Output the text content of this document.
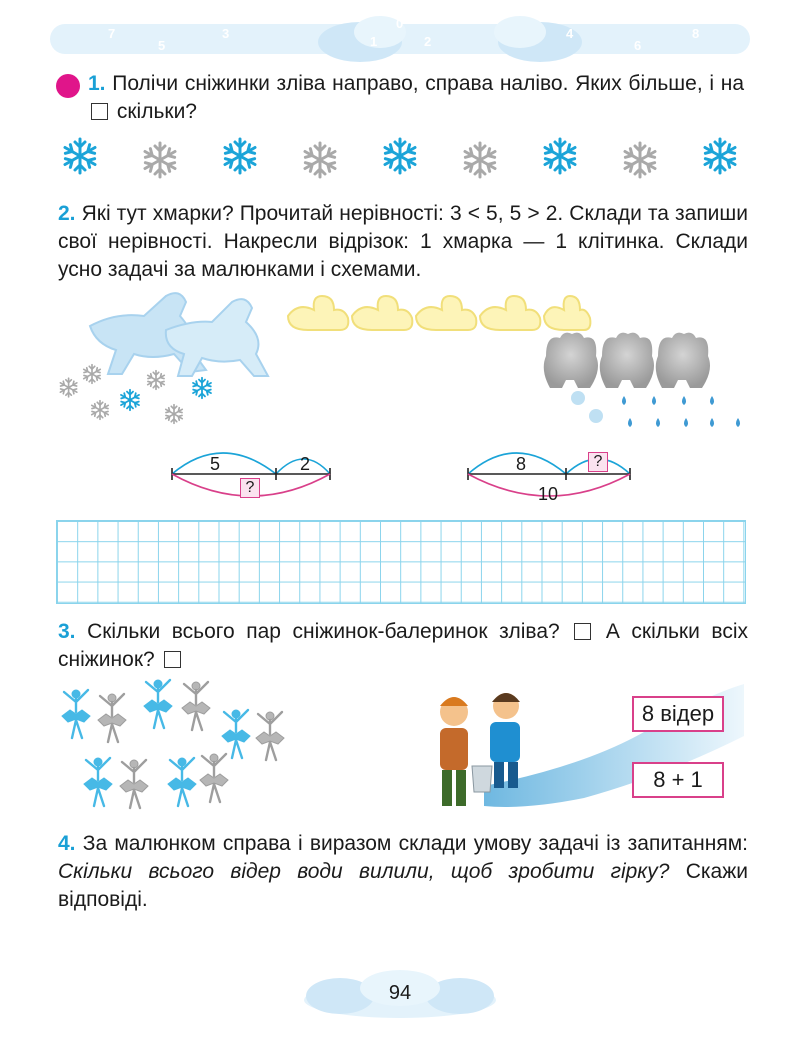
7
5
3
0
1	2
4
6
8
1. Полічи сніжинки зліва направо, справа наліво. Яких більше, і на  скільки?
2. Які тут хмарки? Прочитай нерівності: 3 < 5, 5 > 2. Склади та запиши свої нерівності. Накресли відрізок: 1 хмарка — 1 клітинка. Склади усно задачі за малюнками і схемами.
5	2
?
8	?
10
3. Скільки всього пар сніжинок-балеринок зліва? А скільки всіх сніжинок?
8 відер
8 + 1
4. За малюнком справа і виразом склади умову задачі із запитанням: Скільки всього відер води вилили, щоб зробити гірку? Скажи відповіді.
94
